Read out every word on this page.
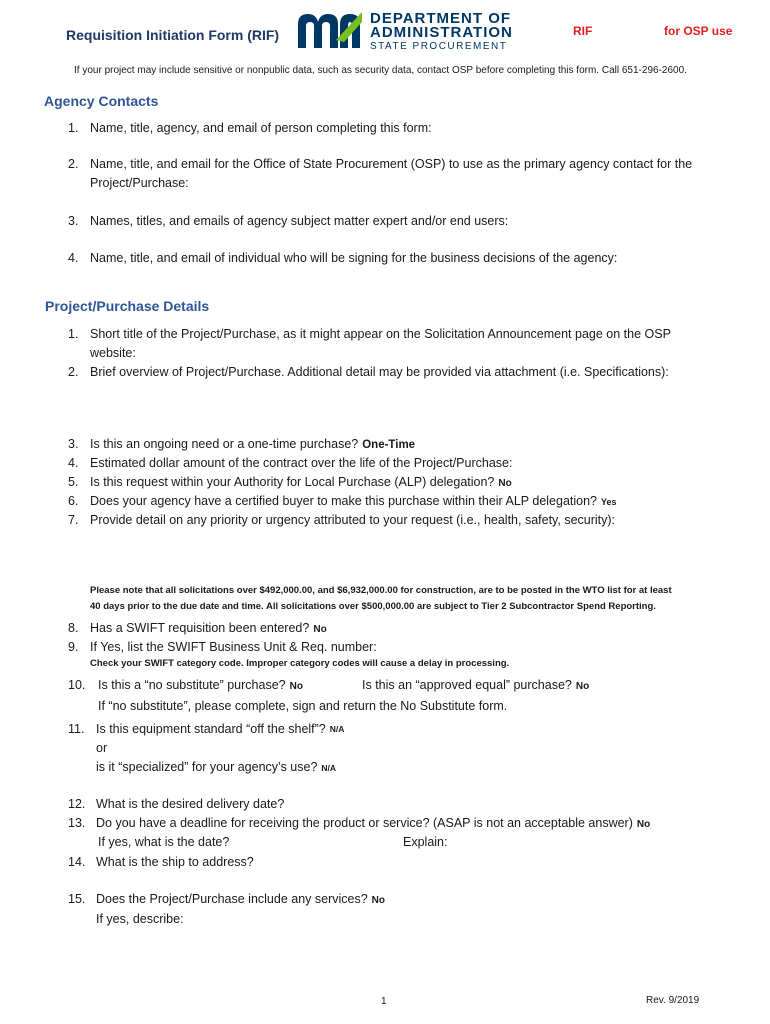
Requisition Initiation Form (RIF)
DEPARTMENT OF
ADMINISTRATION
STATE PROCUREMENT
RIF	for OSP use
If your project may include sensitive or nonpublic data, such as security data, contact OSP before completing this form. Call 651-296-2600.
Agency Contacts
1. Name, title, agency, and email of person completing this form:
2. Name, title, and email for the Office of State Procurement (OSP) to use as the primary agency contact for the
Project/Purchase:
3. Names, titles, and emails of agency subject matter expert and/or end users:
4. Name, title, and email of individual who will be signing for the business decisions of the agency:
Project/Purchase Details
1. Short title of the Project/Purchase, as it might appear on the Solicitation Announcement page on the OSP
website:
2. Brief overview of Project/Purchase. Additional detail may be provided via attachment (i.e. Specifications):
3. Is this an ongoing need or a one-time purchase? One-Time
4. Estimated dollar amount of the contract over the life of the Project/Purchase:
5. Is this request within your Authority for Local Purchase (ALP) delegation? No
6. Does your agency have a certified buyer to make this purchase within their ALP delegation? Yes
7. Provide detail on any priority or urgency attributed to your request (i.e., health, safety, security):
Please note that all solicitations over $492,000.00, and $6,932,000.00 for construction, are to be posted in the WTO list for at least
40 days prior to the due date and time. All solicitations over $500,000.00 are subject to Tier 2 Subcontractor Spend Reporting.
8. Has a SWIFT requisition been entered? No
9. If Yes, list the SWIFT Business Unit & Req. number:
Check your SWIFT category code. Improper category codes will cause a delay in processing.
10. Is this a “no substitute” purchase? No	Is this an “approved equal” purchase? No
If “no substitute”, please complete, sign and return the No Substitute form.
11. Is this equipment standard “off the shelf”? $^{N/A}$
or
is it “specialized” for your agency’s use? N/A
12. What is the desired delivery date?
13. Do you have a deadline for receiving the product or service? (ASAP is not an acceptable answer) No
If yes, what is the date?	Explain:
14. What is the ship to address?
15. Does the Project/Purchase include any services? No
If yes, describe:
1	Rev. 9/2019
